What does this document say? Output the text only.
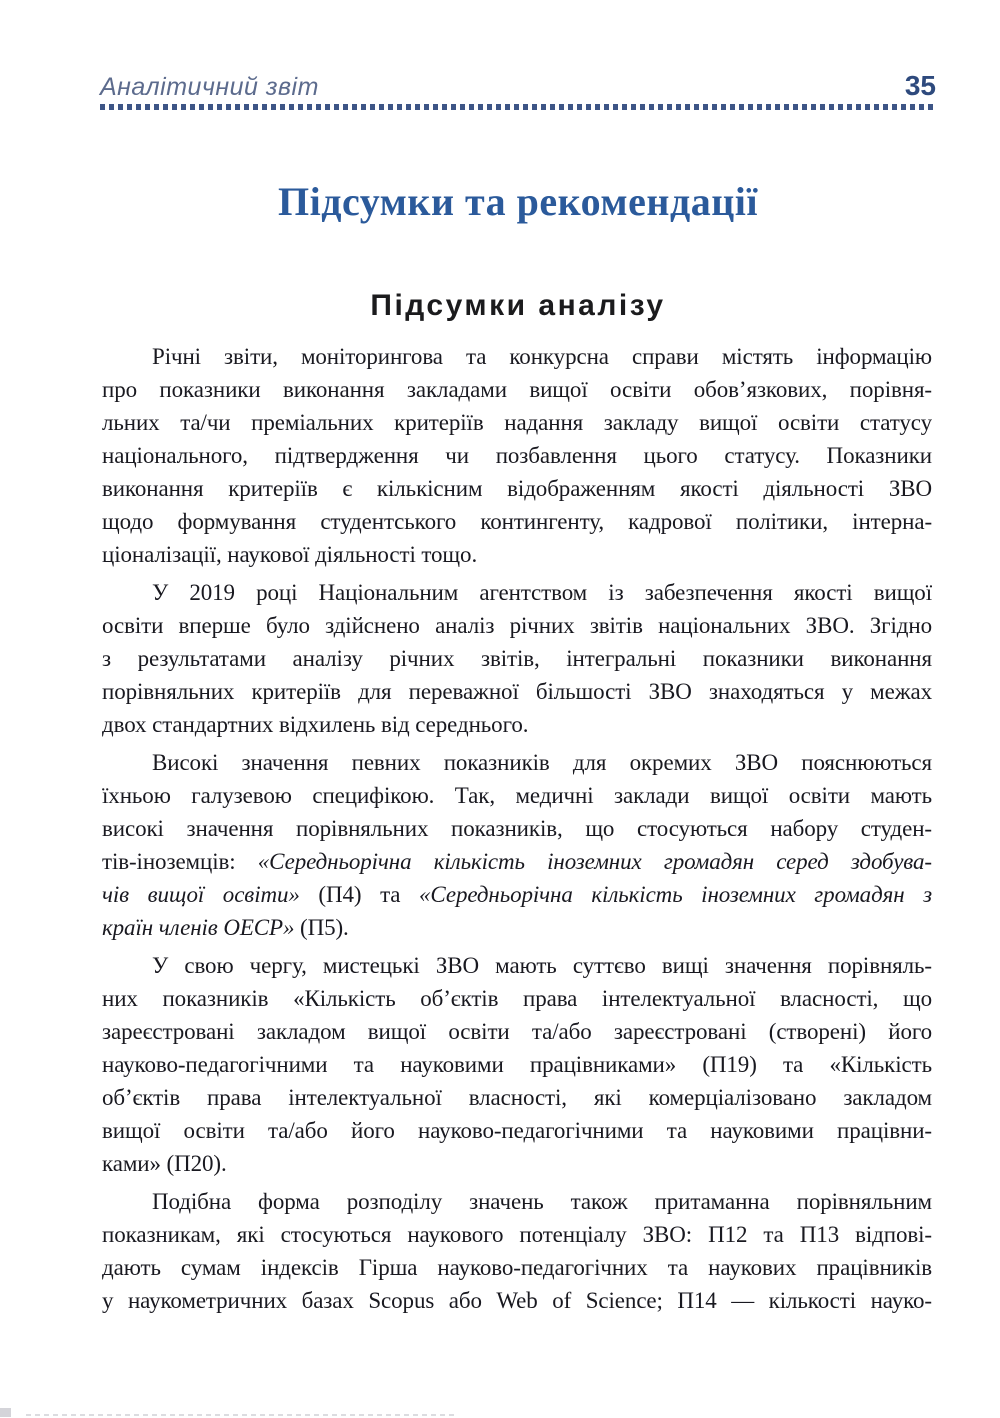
Аналітичний звіт	35
Підсумки та рекомендації
Підсумки аналізу
Річні звіти, моніторингова та конкурсна справи містять інформацію
про показники виконання закладами вищої освіти обов’язкових, порівня-
льних та/чи преміальних критеріїв надання закладу вищої освіти статусу
національного, підтвердження чи позбавлення цього статусу. Показники
виконання критеріїв є кількісним відображенням якості діяльності ЗВО
щодо формування студентського контингенту, кадрової політики, інтерна-
ціоналізації, наукової діяльності тощо.
У 2019 році Національним агентством із забезпечення якості вищої
освіти вперше було здійснено аналіз річних звітів національних ЗВО. Згідно
з результатами аналізу річних звітів, інтегральні показники виконання
порівняльних критеріїв для переважної більшості ЗВО знаходяться у межах
двох стандартних відхилень від середнього.
Високі значення певних показників для окремих ЗВО пояснюються
їхньою галузевою специфікою. Так, медичні заклади вищої освіти мають
високі значення порівняльних показників, що стосуються набору студен-
тів-іноземців: «Середньорічна кількість іноземних громадян серед здобува-
чів вищої освіти» (П4) та «Середньорічна кількість іноземних громадян з
країн членів ОЕСР» (П5).
У свою чергу, мистецькі ЗВО мають суттєво вищі значення порівняль-
них показників «Кількість об’єктів права інтелектуальної власності, що
зареєстровані закладом вищої освіти та/або зареєстровані (створені) його
науково-педагогічними та науковими працівниками» (П19) та «Кількість
об’єктів права інтелектуальної власності, які комерціалізовано закладом
вищої освіти та/або його науково-педагогічними та науковими працівни-
ками» (П20).
Подібна форма розподілу значень також притаманна порівняльним
показникам, які стосуються наукового потенціалу ЗВО: П12 та П13 відпові-
дають сумам індексів Гірша науково-педагогічних та наукових працівників
у наукометричних базах Scopus або Web of Science; П14 — кількості науко-
